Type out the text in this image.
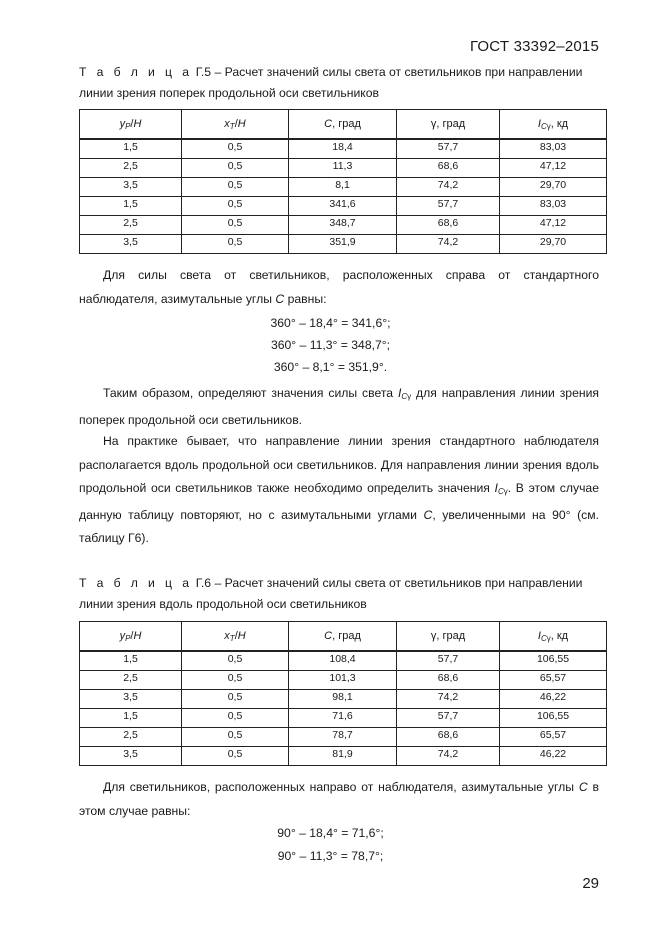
ГОСТ 33392–2015
Т а б л и ц а Г.5 – Расчет значений силы света от светильников при направлении линии зрения поперек продольной оси светильников
$y_P/H$	$x_T/H$	C, град	γ, град	$I_{C\gamma}$, кд
1,5	0,5	18,4	57,7	83,03
2,5	0,5	11,3	68,6	47,12
3,5	0,5	8,1	74,2	29,70
1,5	0,5	341,6	57,7	83,03
2,5	0,5	348,7	68,6	47,12
3,5	0,5	351,9	74,2	29,70
Для силы света от светильников, расположенных справа от стандартного наблюдателя, азимутальные углы C равны:
360° – 18,4° = 341,6°;
360° – 11,3° = 348,7°;
360° – 8,1° = 351,9°.
Таким образом, определяют значения силы света $I_{C\gamma}$ для направления линии зрения поперек продольной оси светильников.
На практике бывает, что направление линии зрения стандартного наблюдателя располагается вдоль продольной оси светильников. Для направления линии зрения вдоль продольной оси светильников также необходимо определить значения $I_{C\gamma}$. В этом случае данную таблицу повторяют, но с азимутальными углами C, увеличенными на 90° (см. таблицу Г6).
Т а б л и ц а Г.6 – Расчет значений силы света от светильников при направлении линии зрения вдоль продольной оси светильников
$y_P/H$	$x_T/H$	C, град	γ, град	$I_{C\gamma}$, кд
1,5	0,5	108,4	57,7	106,55
2,5	0,5	101,3	68,6	65,57
3,5	0,5	98,1	74,2	46,22
1,5	0,5	71,6	57,7	106,55
2,5	0,5	78,7	68,6	65,57
3,5	0,5	81,9	74,2	46,22
Для светильников, расположенных направо от наблюдателя, азимутальные углы C в этом случае равны:
90° – 18,4° = 71,6°;
90° – 11,3° = 78,7°;
29
